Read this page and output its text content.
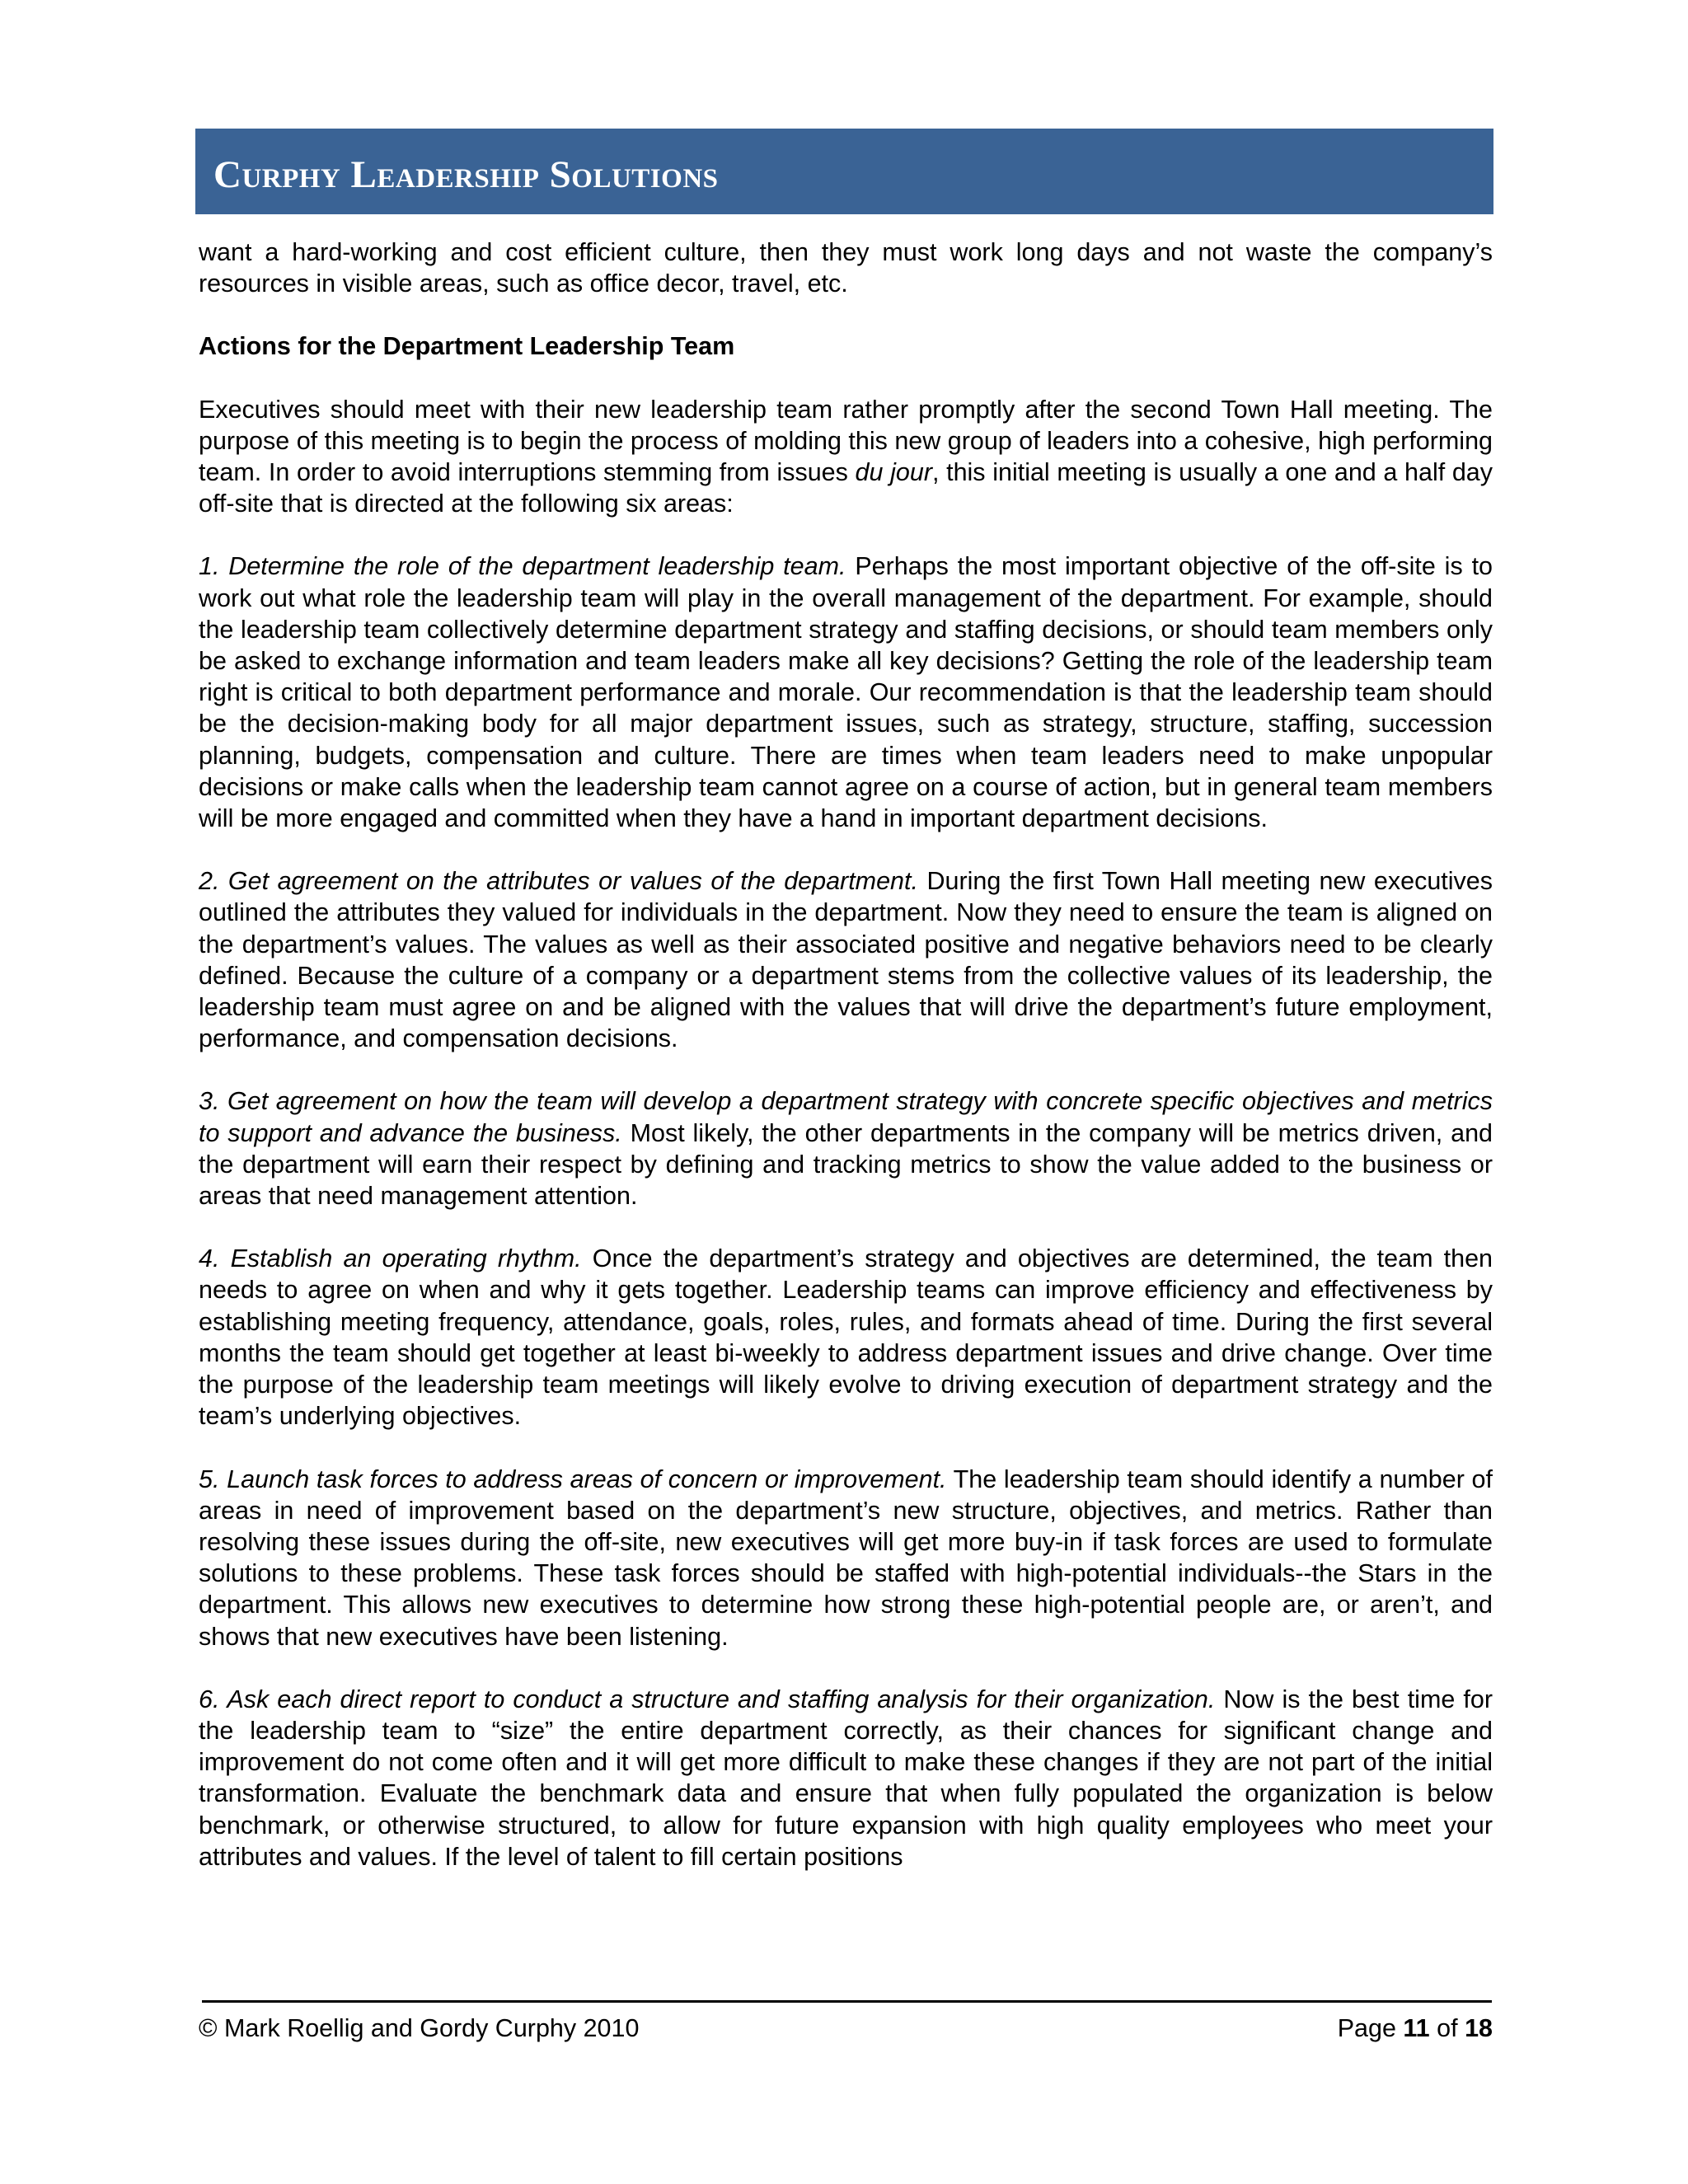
Curphy Leadership Solutions

want a hard-working and cost efficient culture, then they must work long days and not waste the company’s resources in visible areas, such as office decor, travel, etc.

Actions for the Department Leadership Team

Executives should meet with their new leadership team rather promptly after the second Town Hall meeting. The purpose of this meeting is to begin the process of molding this new group of leaders into a cohesive, high performing team. In order to avoid interruptions stemming from issues du jour, this initial meeting is usually a one and a half day off-site that is directed at the following six areas:

1. Determine the role of the department leadership team. Perhaps the most important objective of the off-site is to work out what role the leadership team will play in the overall management of the department. For example, should the leadership team collectively determine department strategy and staffing decisions, or should team members only be asked to exchange information and team leaders make all key decisions? Getting the role of the leadership team right is critical to both department performance and morale. Our recommendation is that the leadership team should be the decision-making body for all major department issues, such as strategy, structure, staffing, succession planning, budgets, compensation and culture. There are times when team leaders need to make unpopular decisions or make calls when the leadership team cannot agree on a course of action, but in general team members will be more engaged and committed when they have a hand in important department decisions.

2. Get agreement on the attributes or values of the department. During the first Town Hall meeting new executives outlined the attributes they valued for individuals in the department. Now they need to ensure the team is aligned on the department’s values. The values as well as their associated positive and negative behaviors need to be clearly defined. Because the culture of a company or a department stems from the collective values of its leadership, the leadership team must agree on and be aligned with the values that will drive the department’s future employment, performance, and compensation decisions.

3. Get agreement on how the team will develop a department strategy with concrete specific objectives and metrics to support and advance the business. Most likely, the other departments in the company will be metrics driven, and the department will earn their respect by defining and tracking metrics to show the value added to the business or areas that need management attention.

4. Establish an operating rhythm. Once the department’s strategy and objectives are determined, the team then needs to agree on when and why it gets together. Leadership teams can improve efficiency and effectiveness by establishing meeting frequency, attendance, goals, roles, rules, and formats ahead of time. During the first several months the team should get together at least bi-weekly to address department issues and drive change. Over time the purpose of the leadership team meetings will likely evolve to driving execution of department strategy and the team’s underlying objectives.

5. Launch task forces to address areas of concern or improvement. The leadership team should identify a number of areas in need of improvement based on the department’s new structure, objectives, and metrics. Rather than resolving these issues during the off-site, new executives will get more buy-in if task forces are used to formulate solutions to these problems. These task forces should be staffed with high-potential individuals--the Stars in the department. This allows new executives to determine how strong these high-potential people are, or aren’t, and shows that new executives have been listening.

6. Ask each direct report to conduct a structure and staffing analysis for their organization. Now is the best time for the leadership team to “size” the entire department correctly, as their chances for significant change and improvement do not come often and it will get more difficult to make these changes if they are not part of the initial transformation. Evaluate the benchmark data and ensure that when fully populated the organization is below benchmark, or otherwise structured, to allow for future expansion with high quality employees who meet your attributes and values. If the level of talent to fill certain positions

© Mark Roellig and Gordy Curphy 2010	Page 11 of 18
